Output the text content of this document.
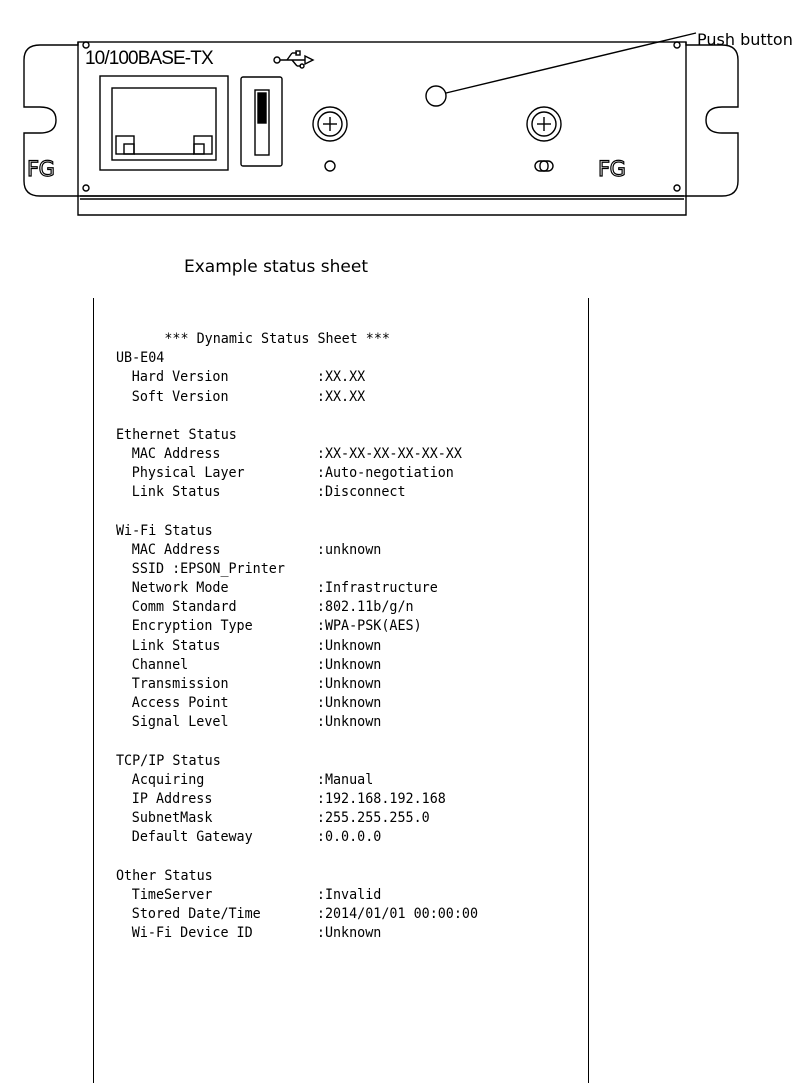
10/100BASE-TX
FG	FG
Push button
Example status sheet
*** Dynamic Status Sheet ***
UB-E04
Hard Version	:XX.XX
Soft Version	:XX.XX
Ethernet Status
MAC Address	:XX-XX-XX-XX-XX-XX
Physical Layer	:Auto-negotiation
Link Status	:Disconnect
Wi-Fi Status
MAC Address	:unknown
SSID :EPSON_Printer
Network Mode	:Infrastructure
Comm Standard	:802.11b/g/n
Encryption Type	:WPA-PSK(AES)
Link Status	:Unknown
Channel	:Unknown
Transmission	:Unknown
Access Point	:Unknown
Signal Level	:Unknown
TCP/IP Status
Acquiring	:Manual
IP Address	:192.168.192.168
SubnetMask	:255.255.255.0
Default Gateway	:0.0.0.0
Other Status
TimeServer	:Invalid
Stored Date/Time	:2014/01/01 00:00:00
Wi-Fi Device ID	:Unknown
